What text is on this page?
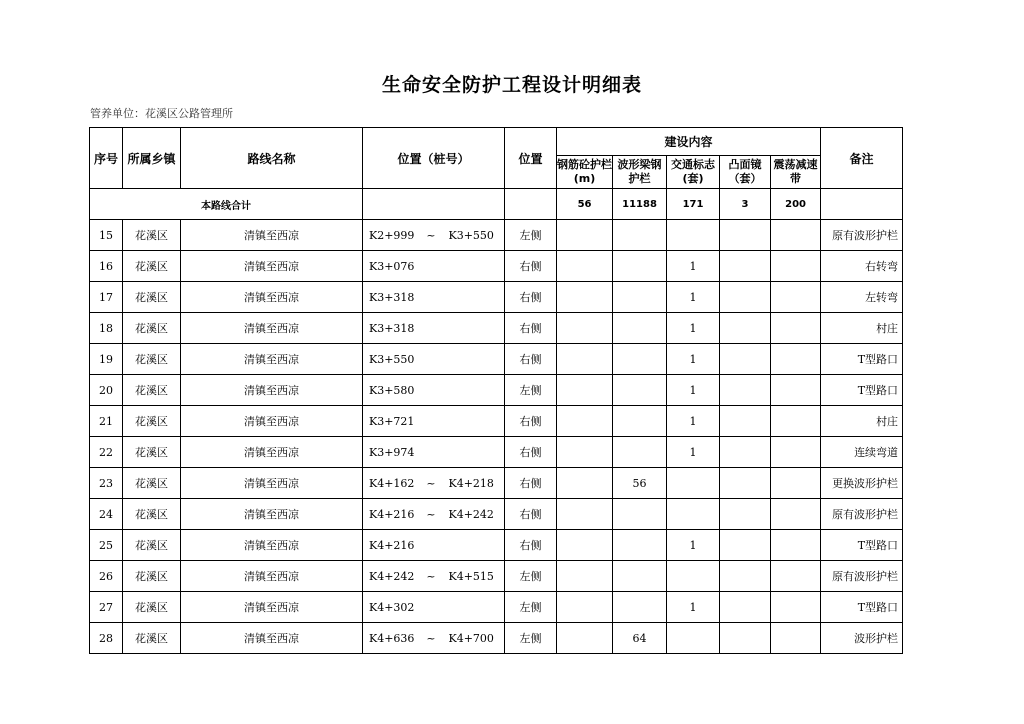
生命安全防护工程设计明细表
管养单位：花溪区公路管理所
序号	所属乡镇	路线名称	位置（桩号）			位置	建设内容					备注
							钢筋砼护栏(m)	波形梁钢护栏	交通标志(套)	凸面镜（套）	震荡减速带	
本路线合计							56	11188	171	3	200	
15	花溪区	清镇至西凉	K2+999	~	K3+550	左侧						原有波形护栏
16	花溪区	清镇至西凉	K3+076			右侧			1			右转弯
17	花溪区	清镇至西凉	K3+318			右侧			1			左转弯
18	花溪区	清镇至西凉	K3+318			右侧			1			村庄
19	花溪区	清镇至西凉	K3+550			右侧			1			T型路口
20	花溪区	清镇至西凉	K3+580			左侧			1			T型路口
21	花溪区	清镇至西凉	K3+721			右侧			1			村庄
22	花溪区	清镇至西凉	K3+974			右侧			1			连续弯道
23	花溪区	清镇至西凉	K4+162	~	K4+218	右侧		56				更换波形护栏
24	花溪区	清镇至西凉	K4+216	~	K4+242	右侧						原有波形护栏
25	花溪区	清镇至西凉	K4+216			右侧			1			T型路口
26	花溪区	清镇至西凉	K4+242	~	K4+515	左侧						原有波形护栏
27	花溪区	清镇至西凉	K4+302			左侧			1			T型路口
28	花溪区	清镇至西凉	K4+636	~	K4+700	左侧		64				波形护栏
